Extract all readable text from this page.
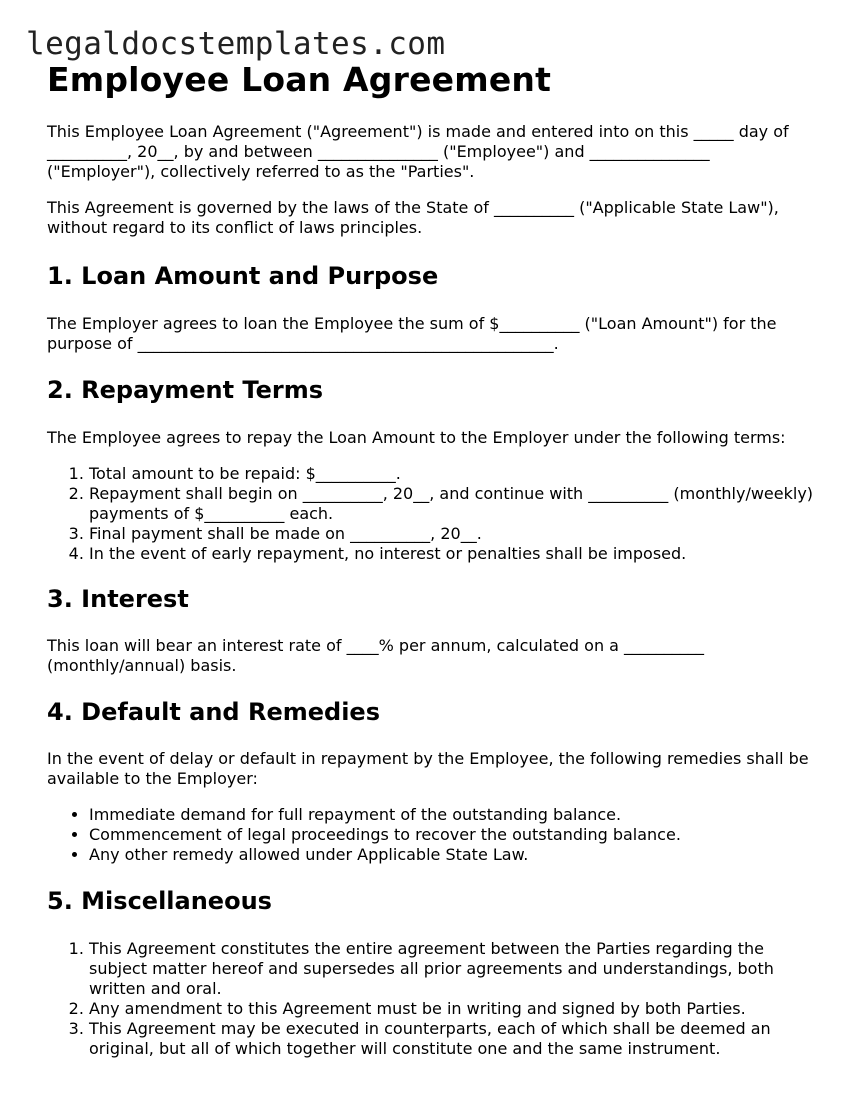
legaldocstemplates.com
Employee Loan Agreement

This Employee Loan Agreement ("Agreement") is made and entered into on this _____ day of __________, 20__, by and between _______________ ("Employee") and _______________ ("Employer"), collectively referred to as the "Parties".

This Agreement is governed by the laws of the State of __________ ("Applicable State Law"), without regard to its conflict of laws principles.

1. Loan Amount and Purpose

The Employer agrees to loan the Employee the sum of $__________ ("Loan Amount") for the purpose of ____________________________________________________.

2. Repayment Terms

The Employee agrees to repay the Loan Amount to the Employer under the following terms:

1. Total amount to be repaid: $__________.
2. Repayment shall begin on __________, 20__, and continue with __________ (monthly/weekly) payments of $__________ each.
3. Final payment shall be made on __________, 20__.
4. In the event of early repayment, no interest or penalties shall be imposed.
3. Interest

This loan will bear an interest rate of ____% per annum, calculated on a __________ (monthly/annual) basis.

4. Default and Remedies

In the event of delay or default in repayment by the Employee, the following remedies shall be available to the Employer:

• Immediate demand for full repayment of the outstanding balance.
• Commencement of legal proceedings to recover the outstanding balance.
• Any other remedy allowed under Applicable State Law.
5. Miscellaneous
1. This Agreement constitutes the entire agreement between the Parties regarding the subject matter hereof and supersedes all prior agreements and understandings, both written and oral.
2. Any amendment to this Agreement must be in writing and signed by both Parties.
3. This Agreement may be executed in counterparts, each of which shall be deemed an original, but all of which together will constitute one and the same instrument.
